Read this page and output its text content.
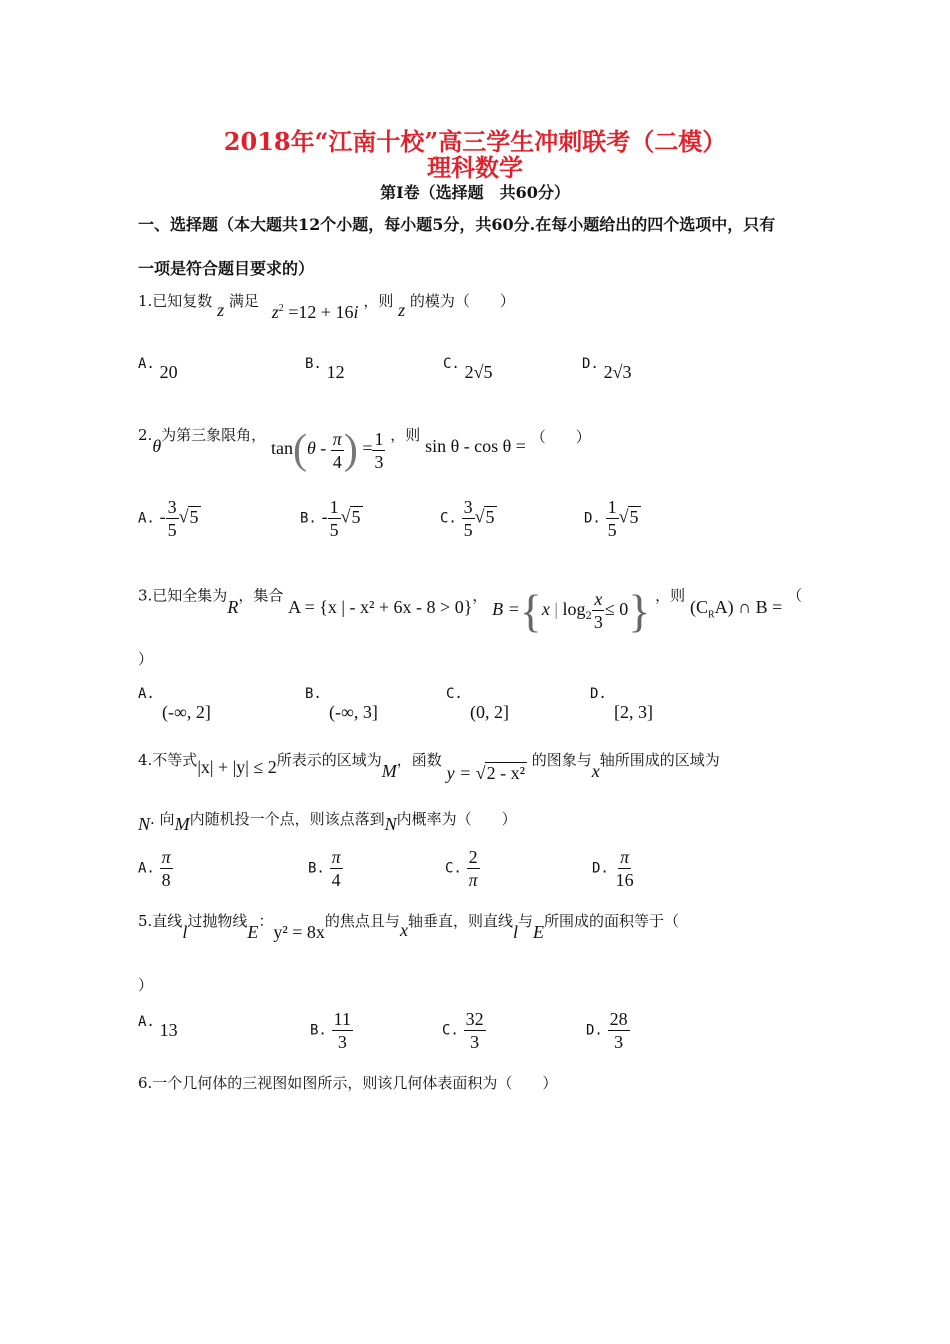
2018年“江南十校”高三学生冲刺联考（二模）
理科数学
第Ⅰ卷（选择题　共60分）
一、选择题（本大题共12个小题，每小题5分，共60分.在每小题给出的四个选项中，只有
一项是符合题目要求的）
1.已知复数 z 满足 $z^2 =12 + 16i$ ，则 z 的模为（　　）
A. 20	B. 12	C. 2√5	D. 2√3
2.θ为第三象限角， $\tan(\theta - \frac{\pi}{4}$ ) = $\frac{1}{3}$ ，则 sin θ - cos θ = （　　）
A. - $\frac{3}{5} √5$	B. - $\frac{1}{5} √5$	C. $\frac{3}{5} √5$	D. $\frac{1}{5} √5$
3.已知全集为R，集合 A = {x | - x² + 6x - 8 > 0}， B ={x | $\log_2 \frac{x}{3} \le 0$} ，则 $(C_RA)$ ∩ B = （
）
A.
(-∞, 2]
B.
(-∞, 3]
C.
(0, 2]
D.
[2, 3]
4.不等式|x| + |y| ≤ 2所表示的区域为M，函数 y = √2 - x² 的图象与x轴所围成的区域为
N. 向M内随机投一个点，则该点落到N内概率为（　　）
A. $\frac{\pi}{8}$	B. $\frac{\pi}{4}$	C. $\frac{2}{\pi}$	D. $\frac{\pi}{16}$
5.直线l过抛物线E：y² = 8x的焦点且与x轴垂直，则直线l与E所围成的面积等于（
）
A. 13	B. $\frac{11}{3}$	C. $\frac{32}{3}$	D. $\frac{28}{3}$
6.一个几何体的三视图如图所示，则该几何体表面积为（　　）
